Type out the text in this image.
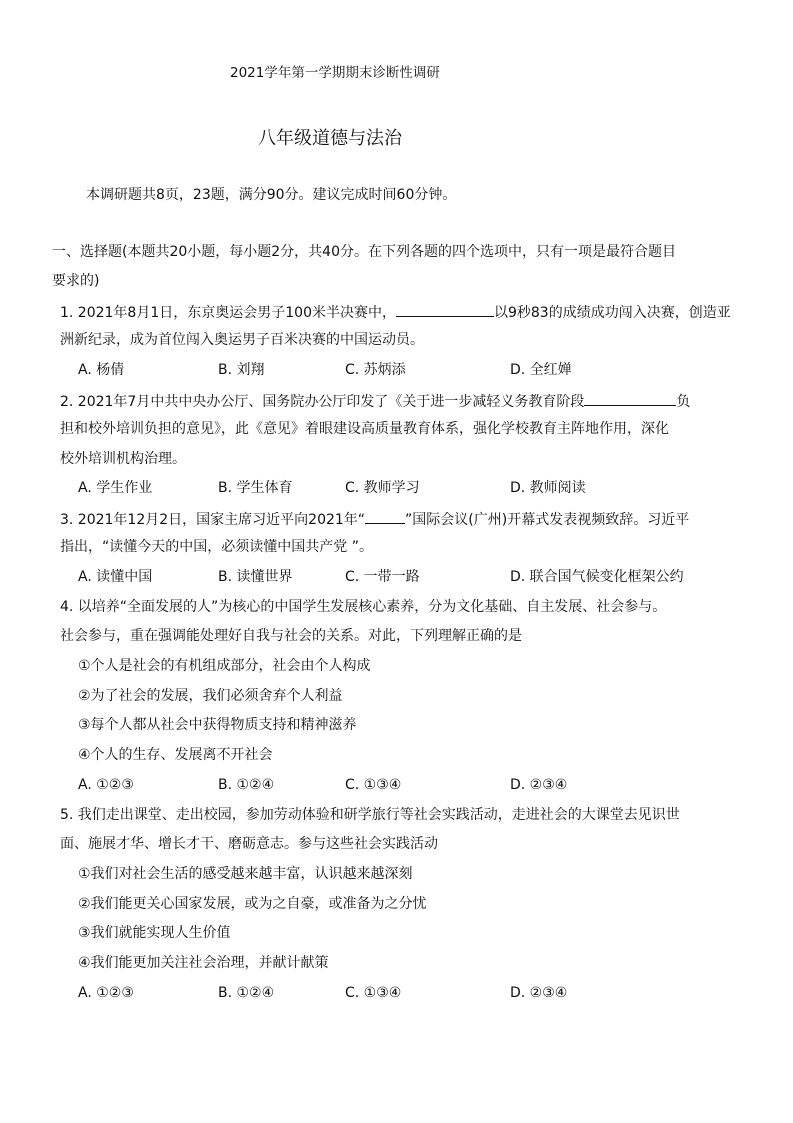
2021学年第一学期期末诊断性调研
八年级道德与法治
本调研题共8页，23题，满分90分。建议完成时间60分钟。
一、选择题(本题共20小题，每小题2分，共40分。在下列各题的四个选项中，只有一项是最符合题目
要求的)
1. 2021年8月1日，东京奥运会男子100米半决赛中，	以9秒83的成绩成功闯入决赛，创造亚
洲新纪录，成为首位闯入奥运男子百米决赛的中国运动员。
A. 杨倩	B. 刘翔	C. 苏炳添	D. 全红婵
2. 2021年7月中共中央办公厅、国务院办公厅印发了《关于进一步减轻义务教育阶段	负
担和校外培训负担的意见》，此《意见》着眼建设高质量教育体系，强化学校教育主阵地作用，深化
校外培训机构治理。
A. 学生作业	B. 学生体育	C. 教师学习	D. 教师阅读
3. 2021年12月2日，国家主席习近平向2021年“	”国际会议(广州)开幕式发表视频致辞。习近平
指出，“读懂今天的中国，必须读懂中国共产党 ”。
A. 读懂中国	B. 读懂世界	C. 一带一路	D. 联合国气候变化框架公约
4. 以培养“全面发展的人”为核心的中国学生发展核心素养，分为文化基础、自主发展、社会参与。
社会参与，重在强调能处理好自我与社会的关系。对此，下列理解正确的是
①个人是社会的有机组成部分，社会由个人构成
②为了社会的发展，我们必须舍弃个人利益
③每个人都从社会中获得物质支持和精神滋养
④个人的生存、发展离不开社会
A. ①②③	B. ①②④	C. ①③④	D. ②③④
5. 我们走出课堂、走出校园，参加劳动体验和研学旅行等社会实践活动，走进社会的大课堂去见识世
面、施展才华、增长才干、磨砺意志。参与这些社会实践活动
①我们对社会生活的感受越来越丰富，认识越来越深刻
②我们能更关心国家发展，或为之自豪，或准备为之分忧
③我们就能实现人生价值
④我们能更加关注社会治理，并献计献策
A. ①②③	B. ①②④	C. ①③④	D. ②③④
